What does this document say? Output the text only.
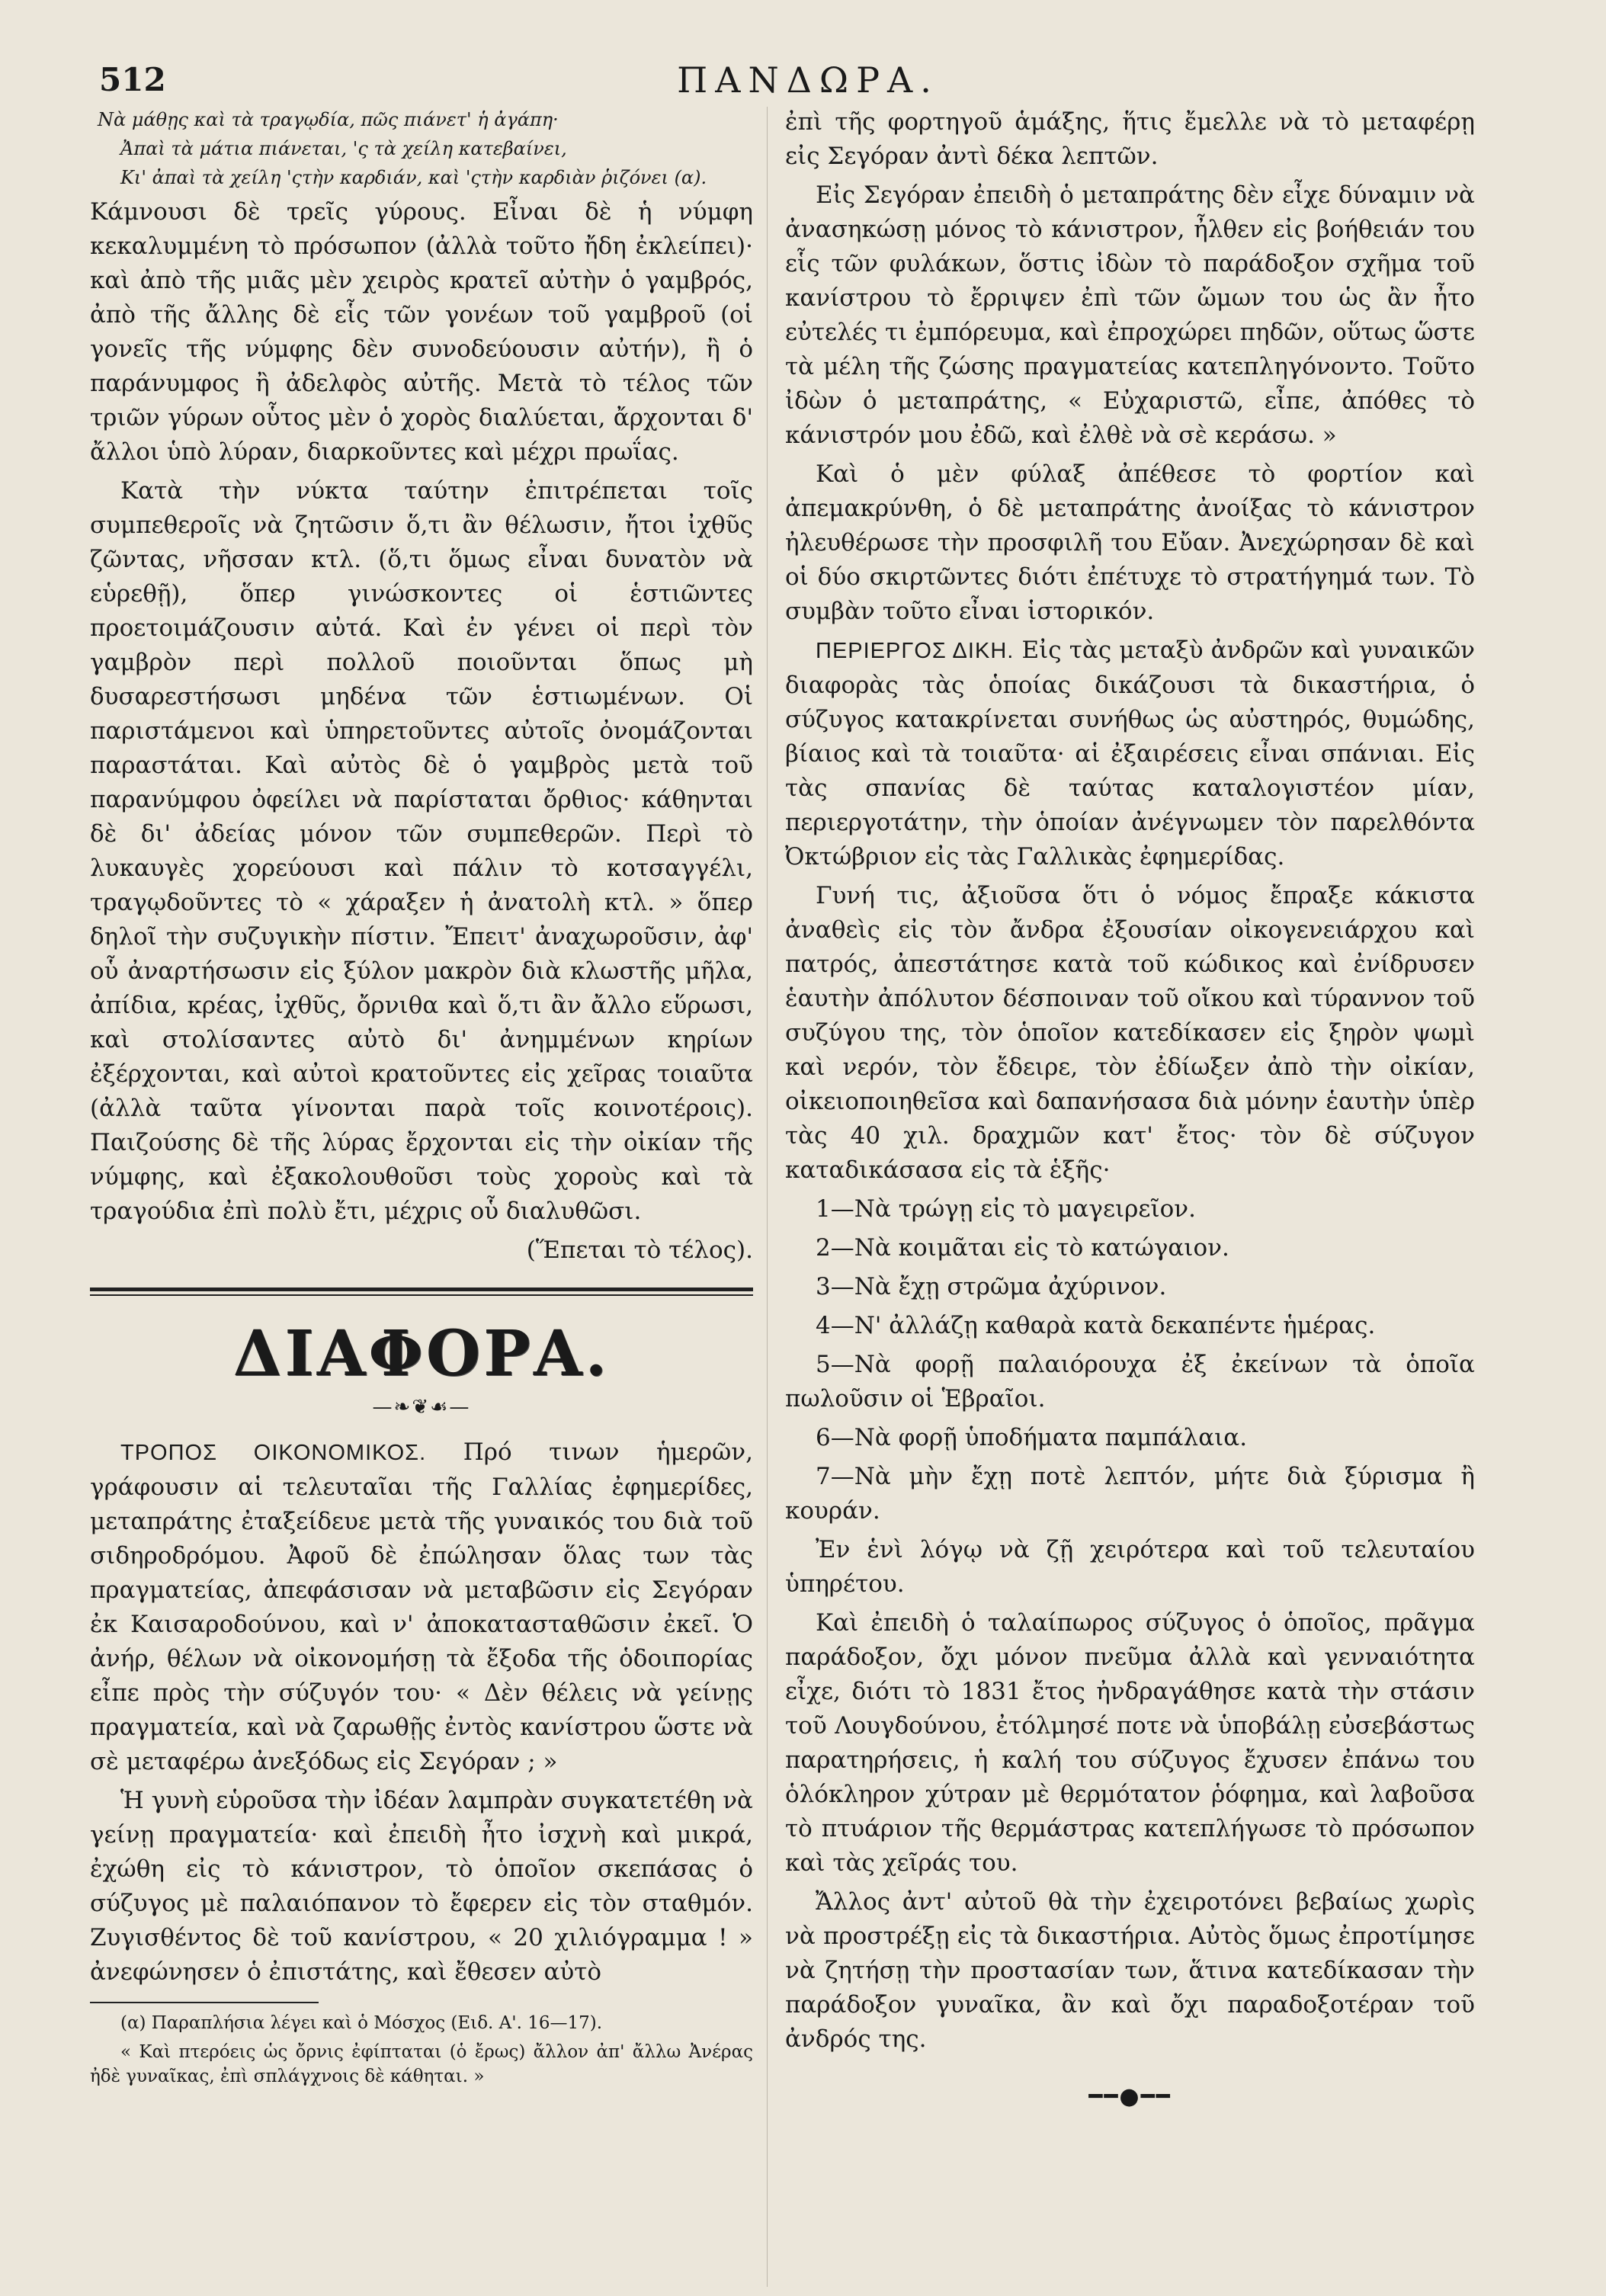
512	ΠΑΝΔΩΡΑ.
Νὰ μάθῃς καὶ τὰ τραγῳδία, πῶς πιάνετ' ἡ ἀγάπη·
Ἀπαὶ τὰ μάτια πιάνεται, 'ς τὰ χείλη κατεβαίνει,
Κι' ἀπαὶ τὰ χείλη 'ςτὴν καρδιάν, καὶ 'ςτὴν καρδιὰν ῥιζόνει (α).

Κάμνουσι δὲ τρεῖς γύρους. Εἶναι δὲ ἡ νύμφη κεκαλυμμένη τὸ πρόσωπον (ἀλλὰ τοῦτο ἤδη ἐκλείπει)· καὶ ἀπὸ τῆς μιᾶς μὲν χειρὸς κρατεῖ αὐτὴν ὁ γαμβρός, ἀπὸ τῆς ἄλλης δὲ εἷς τῶν γονέων τοῦ γαμβροῦ (οἱ γονεῖς τῆς νύμφης δὲν συνοδεύουσιν αὐτήν), ἢ ὁ παράνυμφος ἢ ἀδελφὸς αὐτῆς. Μετὰ τὸ τέλος τῶν τριῶν γύρων οὗτος μὲν ὁ χορὸς διαλύεται, ἄρχονται δ' ἄλλοι ὑπὸ λύραν, διαρκοῦντες καὶ μέχρι πρωΐας.

Κατὰ τὴν νύκτα ταύτην ἐπιτρέπεται τοῖς συμπεθεροῖς νὰ ζητῶσιν ὅ,τι ἂν θέλωσιν, ἤτοι ἰχθῦς ζῶντας, νῆσσαν κτλ. (ὅ,τι ὅμως εἶναι δυνατὸν νὰ εὑρεθῇ), ὅπερ γινώσκοντες οἱ ἑστιῶντες προετοιμάζουσιν αὐτά. Καὶ ἐν γένει οἱ περὶ τὸν γαμβρὸν περὶ πολλοῦ ποιοῦνται ὅπως μὴ δυσαρεστήσωσι μηδένα τῶν ἑστιωμένων. Οἱ παριστάμενοι καὶ ὑπηρετοῦντες αὐτοῖς ὀνομάζονται παραστάται. Καὶ αὐτὸς δὲ ὁ γαμβρὸς μετὰ τοῦ παρανύμφου ὀφείλει νὰ παρίσταται ὄρθιος· κάθηνται δὲ δι' ἀδείας μόνον τῶν συμπεθερῶν. Περὶ τὸ λυκαυγὲς χορεύουσι καὶ πάλιν τὸ κοτσαγγέλι, τραγῳδοῦντες τὸ « χάραξεν ἡ ἀνατολὴ κτλ. » ὅπερ δηλοῖ τὴν συζυγικὴν πίστιν. Ἔπειτ' ἀναχωροῦσιν, ἀφ' οὗ ἀναρτήσωσιν εἰς ξύλον μακρὸν διὰ κλωστῆς μῆλα, ἀπίδια, κρέας, ἰχθῦς, ὄρνιθα καὶ ὅ,τι ἂν ἄλλο εὕρωσι, καὶ στολίσαντες αὐτὸ δι' ἀνημμένων κηρίων ἐξέρχονται, καὶ αὐτοὶ κρατοῦντες εἰς χεῖρας τοιαῦτα (ἀλλὰ ταῦτα γίνονται παρὰ τοῖς κοινοτέροις). Παιζούσης δὲ τῆς λύρας ἔρχονται εἰς τὴν οἰκίαν τῆς νύμφης, καὶ ἐξακολουθοῦσι τοὺς χοροὺς καὶ τὰ τραγούδια ἐπὶ πολὺ ἔτι, μέχρις οὗ διαλυθῶσι.

(Ἕπεται τὸ τέλος).

ΔΙΑΦΟΡΑ.
—❧❦☙—

ΤΡΟΠΟΣ ΟΙΚΟΝΟΜΙΚΟΣ. Πρό τινων ἡμερῶν, γράφουσιν αἱ τελευταῖαι τῆς Γαλλίας ἐφημερίδες, μεταπράτης ἐταξείδευε μετὰ τῆς γυναικός του διὰ τοῦ σιδηροδρόμου. Ἀφοῦ δὲ ἐπώλησαν ὅλας των τὰς πραγματείας, ἀπεφάσισαν νὰ μεταβῶσιν εἰς Σεγόραν ἐκ Καισαροδούνου, καὶ ν' ἀποκατασταθῶσιν ἐκεῖ. Ὁ ἀνήρ, θέλων νὰ οἰκονομήσῃ τὰ ἔξοδα τῆς ὁδοιπορίας εἶπε πρὸς τὴν σύζυγόν του· « Δὲν θέλεις νὰ γείνῃς πραγματεία, καὶ νὰ ζαρωθῇς ἐντὸς κανίστρου ὥστε νὰ σὲ μεταφέρω ἀνεξόδως εἰς Σεγόραν ; »

Ἡ γυνὴ εὑροῦσα τὴν ἰδέαν λαμπρὰν συγκατετέθη νὰ γείνῃ πραγματεία· καὶ ἐπειδὴ ἦτο ἰσχνὴ καὶ μικρά, ἐχώθη εἰς τὸ κάνιστρον, τὸ ὁποῖον σκεπάσας ὁ σύζυγος μὲ παλαιόπανον τὸ ἔφερεν εἰς τὸν σταθμόν. Ζυγισθέντος δὲ τοῦ κανίστρου, « 20 χιλιόγραμμα ! » ἀνεφώνησεν ὁ ἐπιστάτης, καὶ ἔθεσεν αὐτὸ

(α) Παραπλήσια λέγει καὶ ὁ Μόσχος (Ειδ. Α'. 16—17).

« Καὶ πτερόεις ὡς ὄρνις ἐφίπταται (ὁ ἔρως) ἄλλον ἀπ' ἄλλω Ἀνέρας ἠδὲ γυναῖκας, ἐπὶ σπλάγχνοις δὲ κάθηται. »

ἐπὶ τῆς φορτηγοῦ ἁμάξης, ἥτις ἔμελλε νὰ τὸ μεταφέρῃ εἰς Σεγόραν ἀντὶ δέκα λεπτῶν.

Εἰς Σεγόραν ἐπειδὴ ὁ μεταπράτης δὲν εἶχε δύναμιν νὰ ἀνασηκώσῃ μόνος τὸ κάνιστρον, ἦλθεν εἰς βοήθειάν του εἷς τῶν φυλάκων, ὅστις ἰδὼν τὸ παράδοξον σχῆμα τοῦ κανίστρου τὸ ἔρριψεν ἐπὶ τῶν ὤμων του ὡς ἂν ἦτο εὐτελές τι ἐμπόρευμα, καὶ ἐπροχώρει πηδῶν, οὕτως ὥστε τὰ μέλη τῆς ζώσης πραγματείας κατεπληγόνοντο. Τοῦτο ἰδὼν ὁ μεταπράτης, « Εὐχαριστῶ, εἶπε, ἀπόθες τὸ κάνιστρόν μου ἐδῶ, καὶ ἐλθὲ νὰ σὲ κεράσω. »

Καὶ ὁ μὲν φύλαξ ἀπέθεσε τὸ φορτίον καὶ ἀπεμακρύνθη, ὁ δὲ μεταπράτης ἀνοίξας τὸ κάνιστρον ἠλευθέρωσε τὴν προσφιλῆ του Εὔαν. Ἀνεχώρησαν δὲ καὶ οἱ δύο σκιρτῶντες διότι ἐπέτυχε τὸ στρατήγημά των. Τὸ συμβὰν τοῦτο εἶναι ἱστορικόν.

ΠΕΡΙΕΡΓΟΣ ΔΙΚΗ. Εἰς τὰς μεταξὺ ἀνδρῶν καὶ γυναικῶν διαφορὰς τὰς ὁποίας δικάζουσι τὰ δικαστήρια, ὁ σύζυγος κατακρίνεται συνήθως ὡς αὐστηρός, θυμώδης, βίαιος καὶ τὰ τοιαῦτα· αἱ ἐξαιρέσεις εἶναι σπάνιαι. Εἰς τὰς σπανίας δὲ ταύτας καταλογιστέον μίαν, περιεργοτάτην, τὴν ὁποίαν ἀνέγνωμεν τὸν παρελθόντα Ὀκτώβριον εἰς τὰς Γαλλικὰς ἐφημερίδας.

Γυνή τις, ἀξιοῦσα ὅτι ὁ νόμος ἔπραξε κάκιστα ἀναθεὶς εἰς τὸν ἄνδρα ἐξουσίαν οἰκογενειάρχου καὶ πατρός, ἀπεστάτησε κατὰ τοῦ κώδικος καὶ ἐνίδρυσεν ἑαυτὴν ἀπόλυτον δέσποιναν τοῦ οἴκου καὶ τύραννον τοῦ συζύγου της, τὸν ὁποῖον κατεδίκασεν εἰς ξηρὸν ψωμὶ καὶ νερόν, τὸν ἔδειρε, τὸν ἐδίωξεν ἀπὸ τὴν οἰκίαν, οἰκειοποιηθεῖσα καὶ δαπανήσασα διὰ μόνην ἑαυτὴν ὑπὲρ τὰς 40 χιλ. δραχμῶν κατ' ἔτος· τὸν δὲ σύζυγον καταδικάσασα εἰς τὰ ἑξῆς·

1—Νὰ τρώγῃ εἰς τὸ μαγειρεῖον.

2—Νὰ κοιμᾶται εἰς τὸ κατώγαιον.

3—Νὰ ἔχῃ στρῶμα ἀχύρινον.

4—Ν' ἀλλάζῃ καθαρὰ κατὰ δεκαπέντε ἡμέρας.

5—Νὰ φορῇ παλαιόρουχα ἐξ ἐκείνων τὰ ὁποῖα πωλοῦσιν οἱ Ἑβραῖοι.

6—Νὰ φορῇ ὑποδήματα παμπάλαια.

7—Νὰ μὴν ἔχῃ ποτὲ λεπτόν, μήτε διὰ ξύρισμα ἢ κουράν.

Ἐν ἑνὶ λόγῳ νὰ ζῇ χειρότερα καὶ τοῦ τελευταίου ὑπηρέτου.

Καὶ ἐπειδὴ ὁ ταλαίπωρος σύζυγος ὁ ὁποῖος, πρᾶγμα παράδοξον, ὄχι μόνον πνεῦμα ἀλλὰ καὶ γενναιότητα εἶχε, διότι τὸ 1831 ἔτος ἠνδραγάθησε κατὰ τὴν στάσιν τοῦ Λουγδούνου, ἐτόλμησέ ποτε νὰ ὑποβάλῃ εὐσεβάστως παρατηρήσεις, ἡ καλή του σύζυγος ἔχυσεν ἐπάνω του ὁλόκληρον χύτραν μὲ θερμότατον ῥόφημα, καὶ λαβοῦσα τὸ πτυάριον τῆς θερμάστρας κατεπλήγωσε τὸ πρόσωπον καὶ τὰς χεῖράς του.

Ἄλλος ἀντ' αὐτοῦ θὰ τὴν ἐχειροτόνει βεβαίως χωρὶς νὰ προστρέξῃ εἰς τὰ δικαστήρια. Αὐτὸς ὅμως ἐπροτίμησε νὰ ζητήσῃ τὴν προστασίαν των, ἅτινα κατεδίκασαν τὴν παράδοξον γυναῖκα, ἂν καὶ ὄχι παραδοξοτέραν τοῦ ἀνδρός της.

━━●━━
